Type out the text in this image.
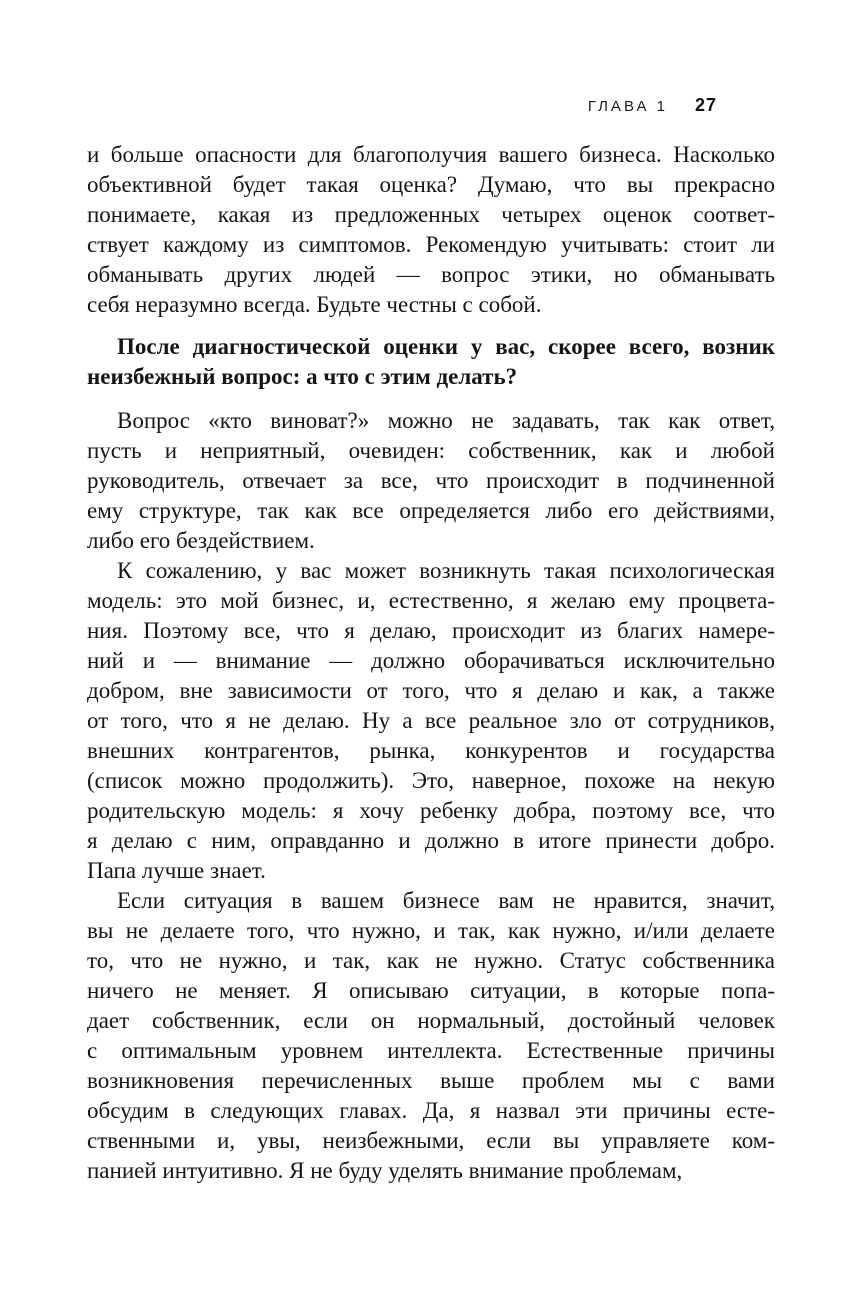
ГЛАВА 1 27
и больше опасности для благополучия вашего бизнеса. Насколько
объективной будет такая оценка? Думаю, что вы прекрасно
понимаете, какая из предложенных четырех оценок соответ-
ствует каждому из симптомов. Рекомендую учитывать: стоит ли
обманывать других людей — вопрос этики, но обманывать
себя неразумно всегда. Будьте честны с собой.
После диагностической оценки у вас, скорее всего, возник
неизбежный вопрос: а что с этим делать?
Вопрос «кто виноват?» можно не задавать, так как ответ,
пусть и неприятный, очевиден: собственник, как и любой
руководитель, отвечает за все, что происходит в подчиненной
ему структуре, так как все определяется либо его действиями,
либо его бездействием.
К сожалению, у вас может возникнуть такая психологическая
модель: это мой бизнес, и, естественно, я желаю ему процвета-
ния. Поэтому все, что я делаю, происходит из благих намере-
ний и — внимание — должно оборачиваться исключительно
добром, вне зависимости от того, что я делаю и как, а также
от того, что я не делаю. Ну а все реальное зло от сотрудников,
внешних контрагентов, рынка, конкурентов и государства
(список можно продолжить). Это, наверное, похоже на некую
родительскую модель: я хочу ребенку добра, поэтому все, что
я делаю с ним, оправданно и должно в итоге принести добро.
Папа лучше знает.
Если ситуация в вашем бизнесе вам не нравится, значит,
вы не делаете того, что нужно, и так, как нужно, и/или делаете
то, что не нужно, и так, как не нужно. Статус собственника
ничего не меняет. Я описываю ситуации, в которые попа-
дает собственник, если он нормальный, достойный человек
с оптимальным уровнем интеллекта. Естественные причины
возникновения перечисленных выше проблем мы с вами
обсудим в следующих главах. Да, я назвал эти причины есте-
ственными и, увы, неизбежными, если вы управляете ком-
панией интуитивно. Я не буду уделять внимание проблемам,
